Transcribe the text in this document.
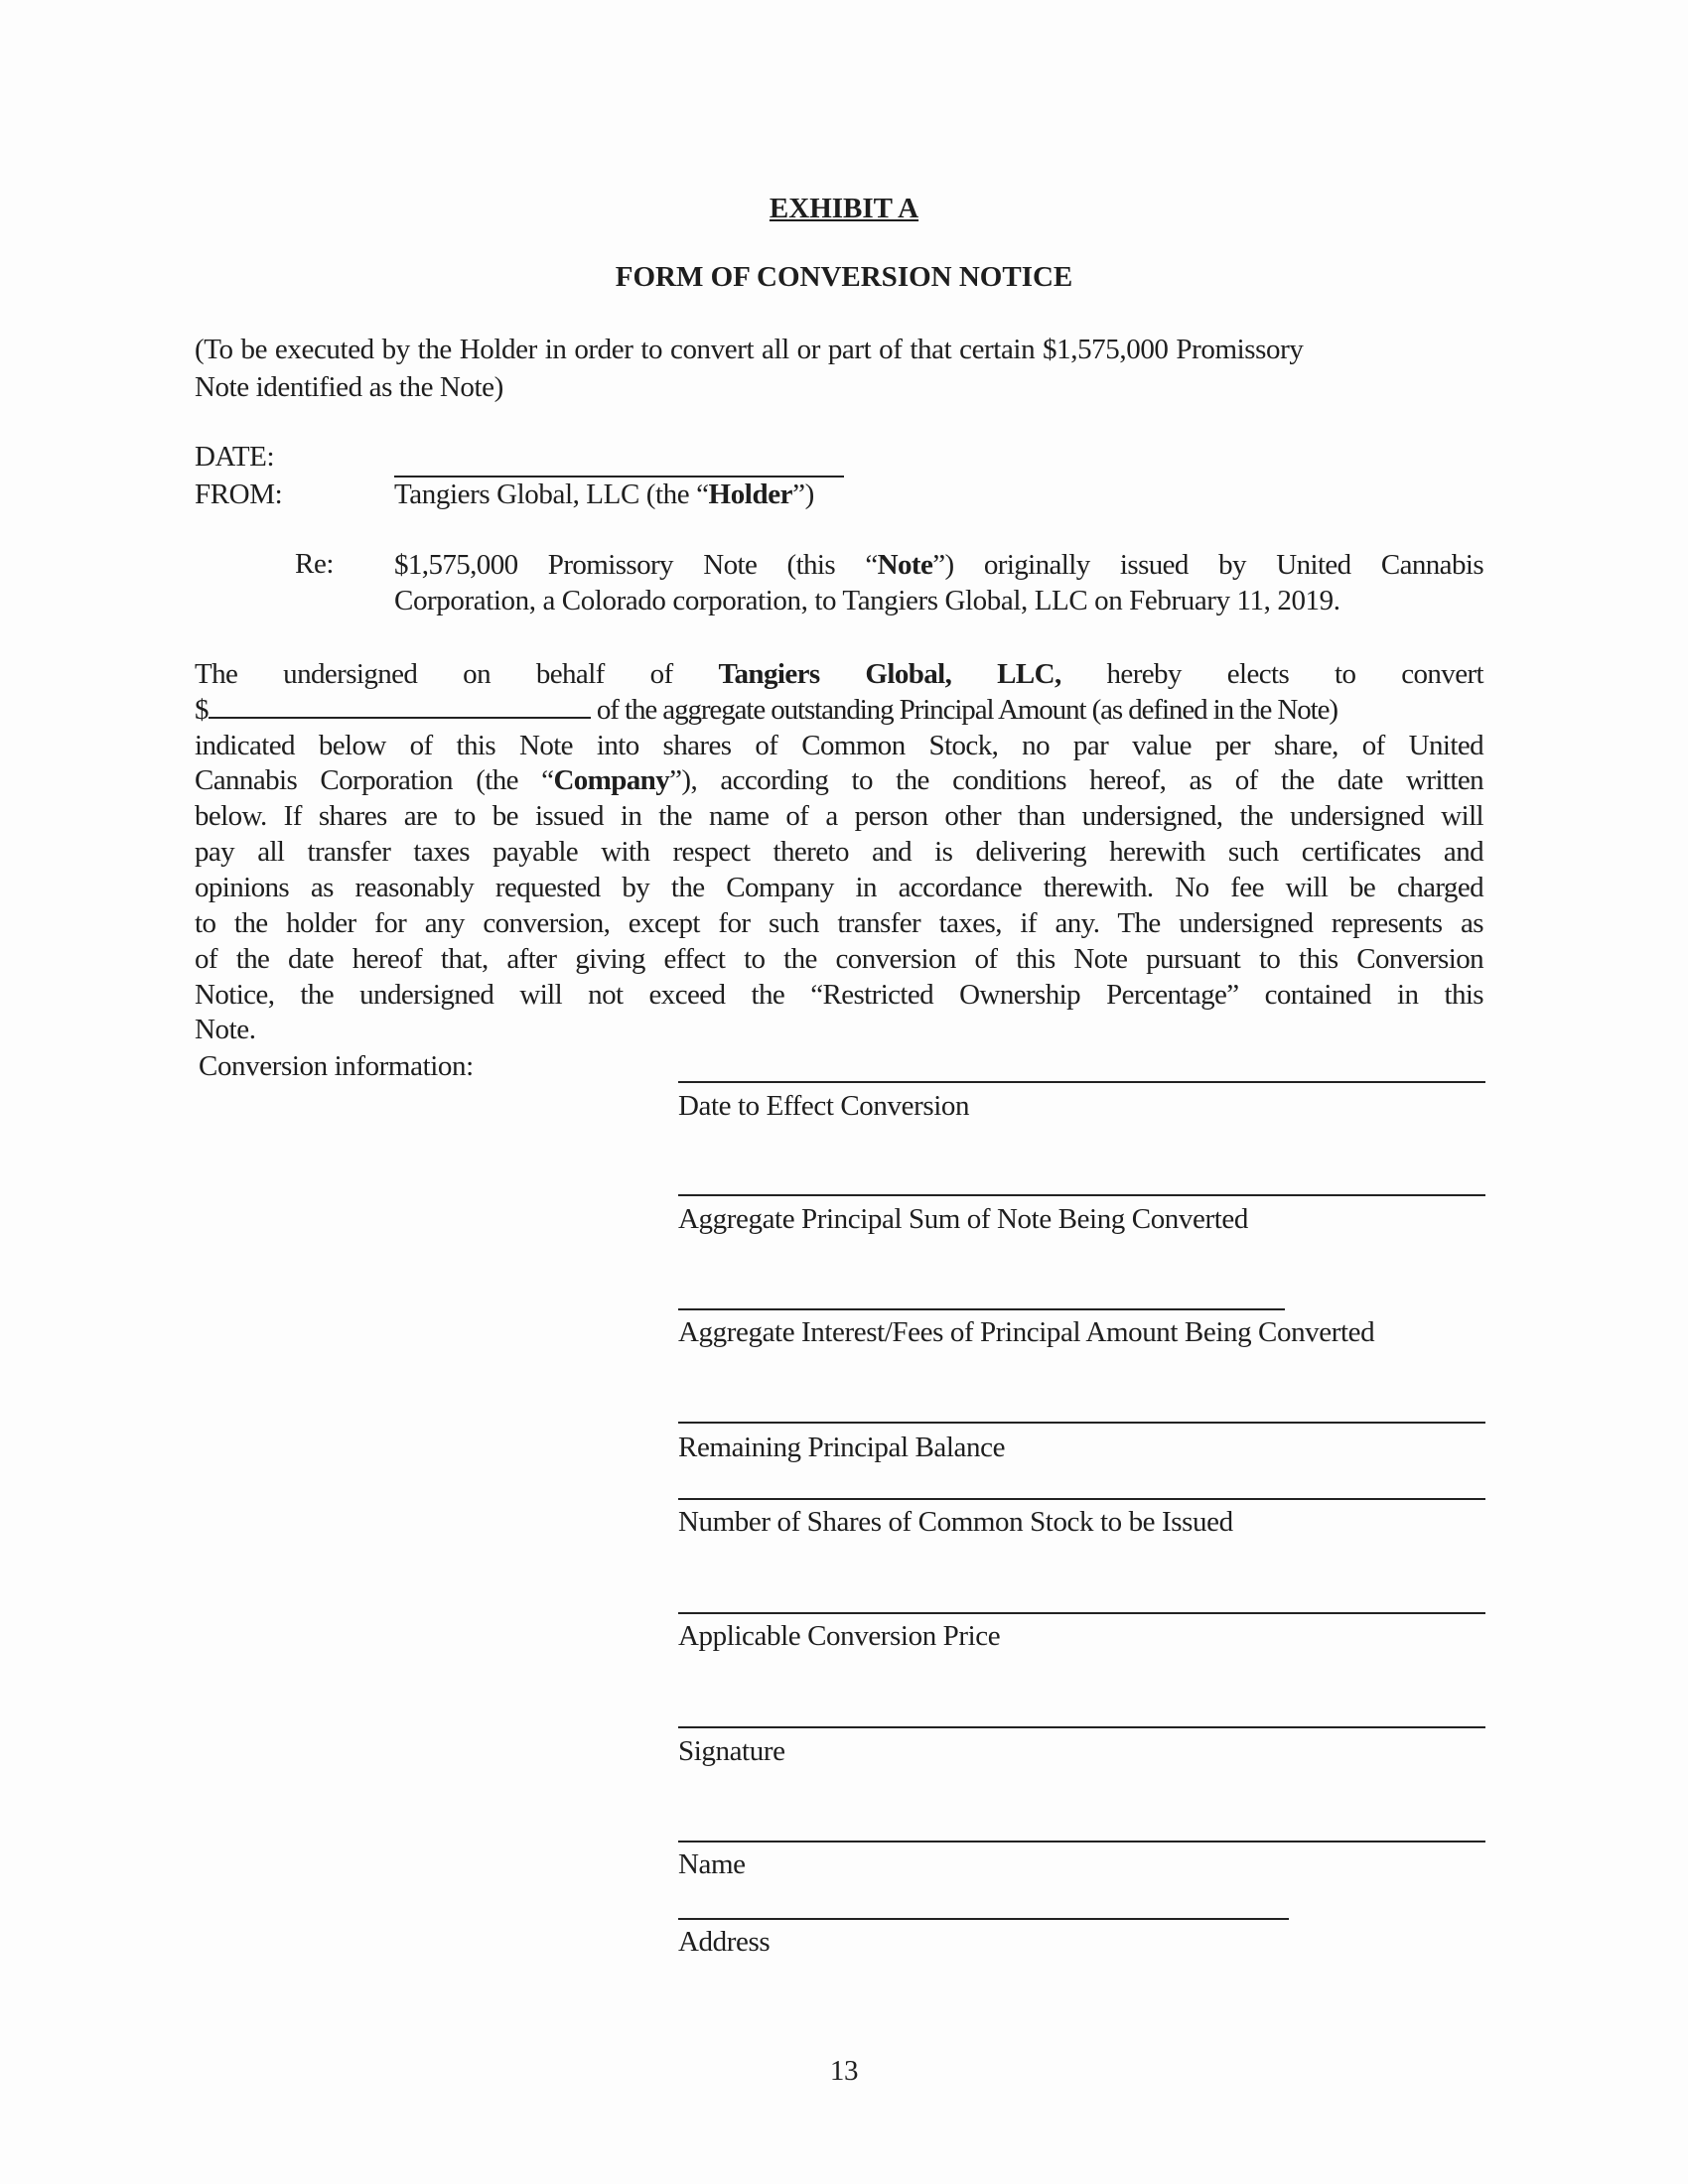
EXHIBIT A
FORM OF CONVERSION NOTICE
(To be executed by the Holder in order to convert all or part of that certain $1,575,000 Promissory
Note identified as the Note)
DATE:
FROM:	Tangiers Global, LLC (the “Holder”)
Re: $1,575,000 Promissory Note (this “Note”) originally issued by United Cannabis
Corporation, a Colorado corporation, to Tangiers Global, LLC on February 11, 2019.
The undersigned on behalf of Tangiers Global, LLC, hereby elects to convert
$	of the aggregate outstanding Principal Amount (as defined in the Note)
indicated below of this Note into shares of Common Stock, no par value per share, of United
Cannabis Corporation (the “Company”), according to the conditions hereof, as of the date written
below. If shares are to be issued in the name of a person other than undersigned, the undersigned will
pay all transfer taxes payable with respect thereto and is delivering herewith such certificates and
opinions as reasonably requested by the Company in accordance therewith. No fee will be charged
to the holder for any conversion, except for such transfer taxes, if any. The undersigned represents as
of the date hereof that, after giving effect to the conversion of this Note pursuant to this Conversion
Notice, the undersigned will not exceed the “Restricted Ownership Percentage” contained in this
Note.
Conversion information:
Date to Effect Conversion
Aggregate Principal Sum of Note Being Converted
Aggregate Interest/Fees of Principal Amount Being Converted
Remaining Principal Balance
Number of Shares of Common Stock to be Issued
Applicable Conversion Price
Signature
Name
Address
13
